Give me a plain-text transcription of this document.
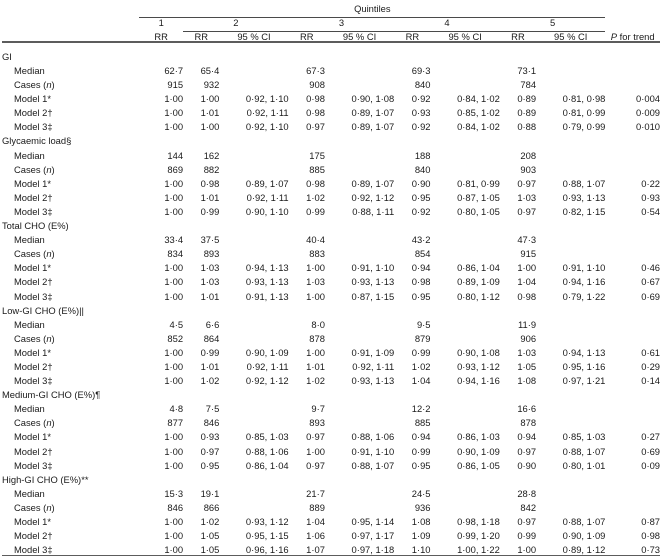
	Quintiles									

	1	2		3		4		5		

	RR	RR	95 % CI	RR	95 % CI	RR	95 % CI	RR	95 % CI	P for trend

GI										
Median	62·7	65·4		67·3		69·3		73·1		
Cases (n)	915	932		908		840		784		
Model 1*	1·00	1·00	0·92, 1·10	0·98	0·90, 1·08	0·92	0·84, 1·02	0·89	0·81, 0·98	0·004
Model 2†	1·00	1·01	0·92, 1·11	0·98	0·89, 1·07	0·93	0·85, 1·02	0·89	0·81, 0·99	0·009
Model 3‡	1·00	1·00	0·92, 1·10	0·97	0·89, 1·07	0·92	0·84, 1·02	0·88	0·79, 0·99	0·010
Glycaemic load§										
Median	144	162		175		188		208		
Cases (n)	869	882		885		840		903		
Model 1*	1·00	0·98	0·89, 1·07	0·98	0·89, 1·07	0·90	0·81, 0·99	0·97	0·88, 1·07	0·22
Model 2†	1·00	1·01	0·92, 1·11	1·02	0·92, 1·12	0·95	0·87, 1·05	1·03	0·93, 1·13	0·93
Model 3‡	1·00	0·99	0·90, 1·10	0·99	0·88, 1·11	0·92	0·80, 1·05	0·97	0·82, 1·15	0·54
Total CHO (E%)										
Median	33·4	37·5		40·4		43·2		47·3		
Cases (n)	834	893		883		854		915		
Model 1*	1·00	1·03	0·94, 1·13	1·00	0·91, 1·10	0·94	0·86, 1·04	1·00	0·91, 1·10	0·46
Model 2†	1·00	1·03	0·93, 1·13	1·03	0·93, 1·13	0·98	0·89, 1·09	1·04	0·94, 1·16	0·67
Model 3‡	1·00	1·01	0·91, 1·13	1·00	0·87, 1·15	0·95	0·80, 1·12	0·98	0·79, 1·22	0·69
Low-GI CHO (E%)||										
Median	4·5	6·6		8·0		9·5		11·9		
Cases (n)	852	864		878		879		906		
Model 1*	1·00	0·99	0·90, 1·09	1·00	0·91, 1·09	0·99	0·90, 1·08	1·03	0·94, 1·13	0·61
Model 2†	1·00	1·01	0·92, 1·11	1·01	0·92, 1·11	1·02	0·93, 1·12	1·05	0·95, 1·16	0·29
Model 3‡	1·00	1·02	0·92, 1·12	1·02	0·93, 1·13	1·04	0·94, 1·16	1·08	0·97, 1·21	0·14
Medium-GI CHO (E%)¶										
Median	4·8	7·5		9·7		12·2		16·6		
Cases (n)	877	846		893		885		878		
Model 1*	1·00	0·93	0·85, 1·03	0·97	0·88, 1·06	0·94	0·86, 1·03	0·94	0·85, 1·03	0·27
Model 2†	1·00	0·97	0·88, 1·06	1·00	0·91, 1·10	0·99	0·90, 1·09	0·97	0·88, 1·07	0·69
Model 3‡	1·00	0·95	0·86, 1·04	0·97	0·88, 1·07	0·95	0·86, 1·05	0·90	0·80, 1·01	0·09
High-GI CHO (E%)**										
Median	15·3	19·1		21·7		24·5		28·8		
Cases (n)	846	866		889		936		842		
Model 1*	1·00	1·02	0·93, 1·12	1·04	0·95, 1·14	1·08	0·98, 1·18	0·97	0·88, 1·07	0·87
Model 2†	1·00	1·05	0·95, 1·15	1·06	0·97, 1·17	1·09	0·99, 1·20	0·99	0·90, 1·09	0·98
Model 3‡	1·00	1·05	0·96, 1·16	1·07	0·97, 1·18	1·10	1·00, 1·22	1·00	0·89, 1·12	0·73
